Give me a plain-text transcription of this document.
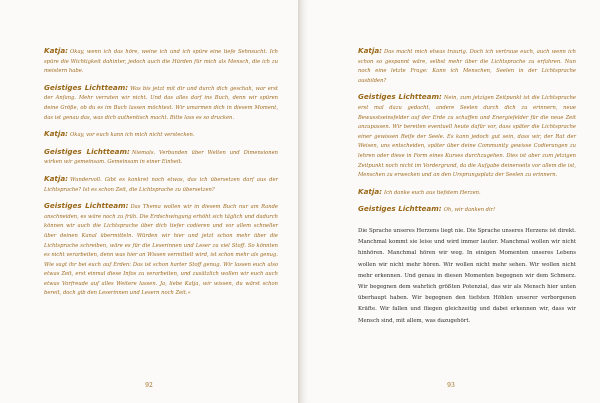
Katja: Okay, wenn ich das höre, weine ich und ich spüre eine tiefe Sehnsucht. Ich spüre die Wichtigkeit dahinter, jedoch auch die Hürden für mich als Mensch, die ich zu meistern habe.

Geistiges Lichtteam: Was bis jetzt mit dir und durch dich geschah, war erst der Anfang. Mehr verraten wir nicht. Und das alles darf ins Buch, denn wir spüren deine Größe, ob du es im Buch lassen möchtest. Wir umarmen dich in diesem Moment, das ist genau das, was dich authentisch macht. Bitte lass es so drucken.

Katja: Okay, vor euch kann ich mich nicht verstecken.

Geistiges Lichtteam: Niemals. Verbunden über Welten und Dimensionen wirken wir gemeinsam. Gemeinsam in einer Einheit.

Katja: Wundervoll. Gibt es konkret noch etwas, das ich übersetzen darf aus der Lichtsprache? Ist es schon Zeit, die Lichtsprache zu übersetzen?

Geistiges Lichtteam: Das Thema wollen wir in diesem Buch nur am Rande anschneiden, es wäre noch zu früh. Die Erdschwingung erhöht sich täglich und dadurch können wir auch die Lichtsprache über dich tiefer codieren und vor allem schneller über deinen Kanal übermitteln. Würden wir hier und jetzt schon mehr über die Lichtsprache schreiben, wäre es für die Leserinnen und Leser zu viel Stoff. So könnten es nicht verarbeiten, denn was hier an Wissen vermittelt wird, ist schon mehr als genug. Wie sagt ihr bei euch auf Erden: Das ist schon harter Stoff genug. Wir lassen euch also etwas Zeit, erst einmal diese Infos zu verarbeiten, und zusätzlich wollen wir euch auch etwas Vorfreude auf alles Weitere lassen. Ja, liebe Katja, wir wissen, du wärst schon bereit, doch gib den Leserinnen und Lesern noch Zeit.«

92

Katja: Das macht mich etwas traurig. Doch ich vertraue euch, auch wenn ich schon so gespannt wäre, selbst mehr über die Lichtsprache zu erfahren. Nun noch eine letzte Frage: Kann ich Menschen, Seelen in der Lichtsprache ausbilden?

Geistiges Lichtteam: Nein, zum jetzigen Zeitpunkt ist die Lichtsprache erst mal dazu gedacht, andere Seelen durch dich zu erinnern, neue Bewusstseinsfelder auf der Erde zu schaffen und Energiefelder für die neue Zeit anzupassen. Wir bereiten eventuell heute dafür vor, dass später die Lichtsprache einer gewissen Reife der Seele. Es kann jedoch gut sein, dass wir, der Rat der Weisen, uns entscheiden, später über deine Community gewisse Codierungen zu lehren oder diese in Form eines Kurses durchzugehen. Dies ist aber zum jetzigen Zeitpunkt noch nicht im Vordergrund, da die Aufgabe deinerseits vor allem die ist, Menschen zu erwecken und an den Ursprungsplatz der Seelen zu erinnern.

Katja: Ich danke euch aus tiefstem Herzen.

Geistiges Lichtteam: Oh, wir danken dir!

Die Sprache unseres Herzens liegt nie. Die Sprache unseres Herzens ist direkt. Manchmal kommt sie leise und wird immer lauter. Manchmal wollen wir nicht hinhören. Manchmal hören wir weg. In einigen Momenten unseres Lebens wollen wir nicht mehr hören. Wir wollen nicht mehr sehen. Wir wollen nicht mehr erkennen. Und genau in diesen Momenten begegnen wir dem Schmerz. Wir begegnen dem wahrlich größten Potenzial, das wir als Mensch hier unten überhaupt haben. Wir begegnen den tiefsten Höhlen unserer verborgenen Kräfte. Wir fallen und fliegen gleichzeitig und dabei erkennen wir, dass wir Mensch sind, mit allem, was dazugehört.

93
